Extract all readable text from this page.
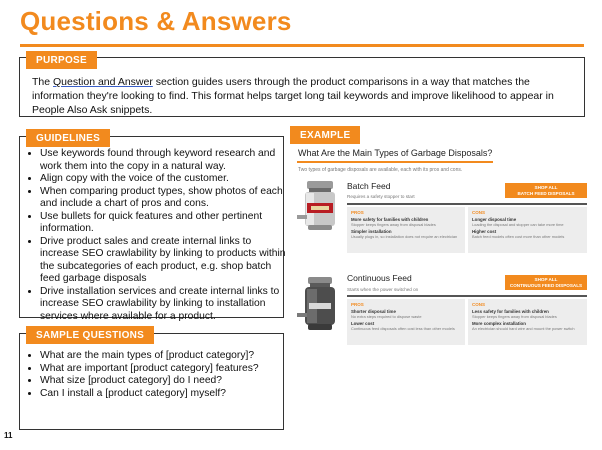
Questions & Answers
PURPOSE
The Question and Answer section guides users through the product comparisons in a way that matches the information they're looking to find. This format helps target long tail keywords and improve likelihood to appear in People Also Ask snippets.
GUIDELINES
• Use keywords found through keyword research and work them into the copy in a natural way.
• Align copy with the voice of the customer.
• When comparing product types, show photos of each and include a chart of pros and cons.
• Use bullets for quick features and other pertinent information.
• Drive product sales and create internal links to increase SEO crawlability by linking to products within the subcategories of each product, e.g. shop batch feed garbage disposals
• Drive installation services and create internal links to increase SEO crawlability by linking to installation services where available for a product.
SAMPLE QUESTIONS
• What are the main types of [product category]?
• What are important [product category] features?
• What size [product category] do I need?
• Can I install a [product category] myself?
EXAMPLE
What Are the Main Types of Garbage Disposals?
Two types of garbage disposals are available, each with its pros and cons.
Batch Feed
Requires a safety stopper to start
SHOP ALL
BATCH FEED DISPOSALS
PROS
More safety for families with children
Stopper keeps fingers away from disposal blades
Simpler installation
Usually plugs in, so installation does not require an electrician
CONS
Longer disposal time
Loading the disposal and stopper can take more time
Higher cost
Batch feed models often cost more than other models
Continuous Feed
Starts when the power switched on
SHOP ALL
CONTINUOUS FEED DISPOSALS
PROS
Shorter disposal time
No extra steps required to dispose waste
Lower cost
Continuous feed disposals often cost less than other models
CONS
Less safety for families with children
Stopper keeps fingers away from disposal blades
More complex installation
An electrician should hard wire and mount the power switch
11
